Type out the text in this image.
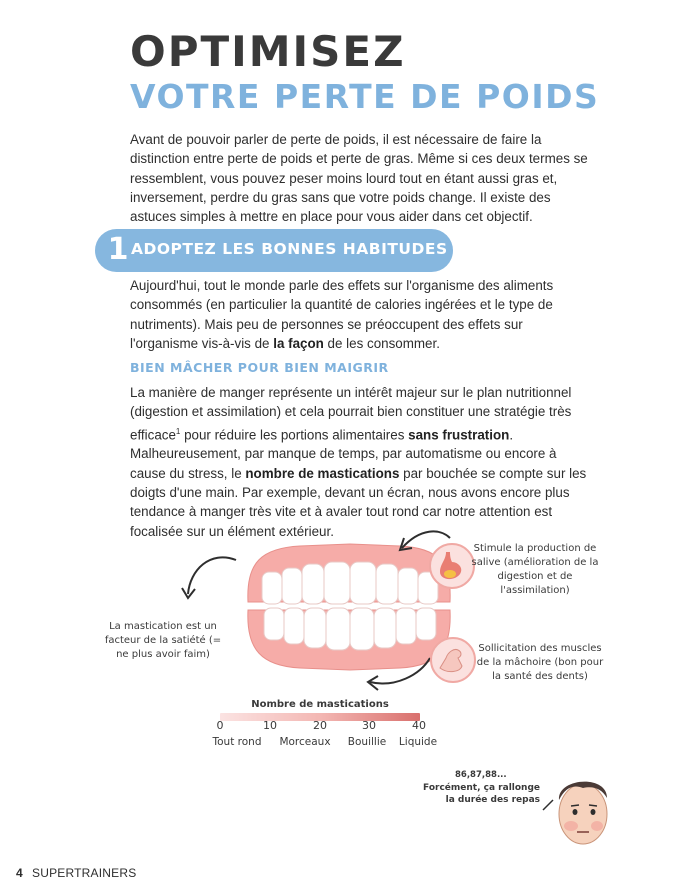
OPTIMISEZ
VOTRE PERTE DE POIDS
Avant de pouvoir parler de perte de poids, il est nécessaire de faire la distinction entre perte de poids et perte de gras. Même si ces deux termes se ressemblent, vous pouvez peser moins lourd tout en étant aussi gras et, inversement, perdre du gras sans que votre poids change. Il existe des astuces simples à mettre en place pour vous aider dans cet objectif.
1 ADOPTEZ LES BONNES HABITUDES
Aujourd'hui, tout le monde parle des effets sur l'organisme des aliments consommés (en particulier la quantité de calories ingérées et le type de nutriments). Mais peu de personnes se préoccupent des effets sur l'organisme vis-à-vis de la façon de les consommer.
BIEN MÂCHER POUR BIEN MAIGRIR
La manière de manger représente un intérêt majeur sur le plan nutritionnel (digestion et assimilation) et cela pourrait bien constituer une stratégie très efficace$^1$ pour réduire les portions alimentaires sans frustration. Malheureusement, par manque de temps, par automatisme ou encore à cause du stress, le nombre de mastications par bouchée se compte sur les doigts d'une main. Par exemple, devant un écran, nous avons encore plus tendance à manger très vite et à avaler tout rond car notre attention est focalisée sur un élément extérieur.
La mastication est un facteur de la satiété (= ne plus avoir faim)
Stimule la production de salive (amélioration de la digestion et de l'assimilation)
Sollicitation des muscles de la mâchoire (bon pour la santé des dents)
Nombre de mastications
0	10	20	30	40
Tout rond	Morceaux	Bouillie	Liquide
86,87,88...
Forcément, ça rallonge la durée des repas
4 SUPERTRAINERS
